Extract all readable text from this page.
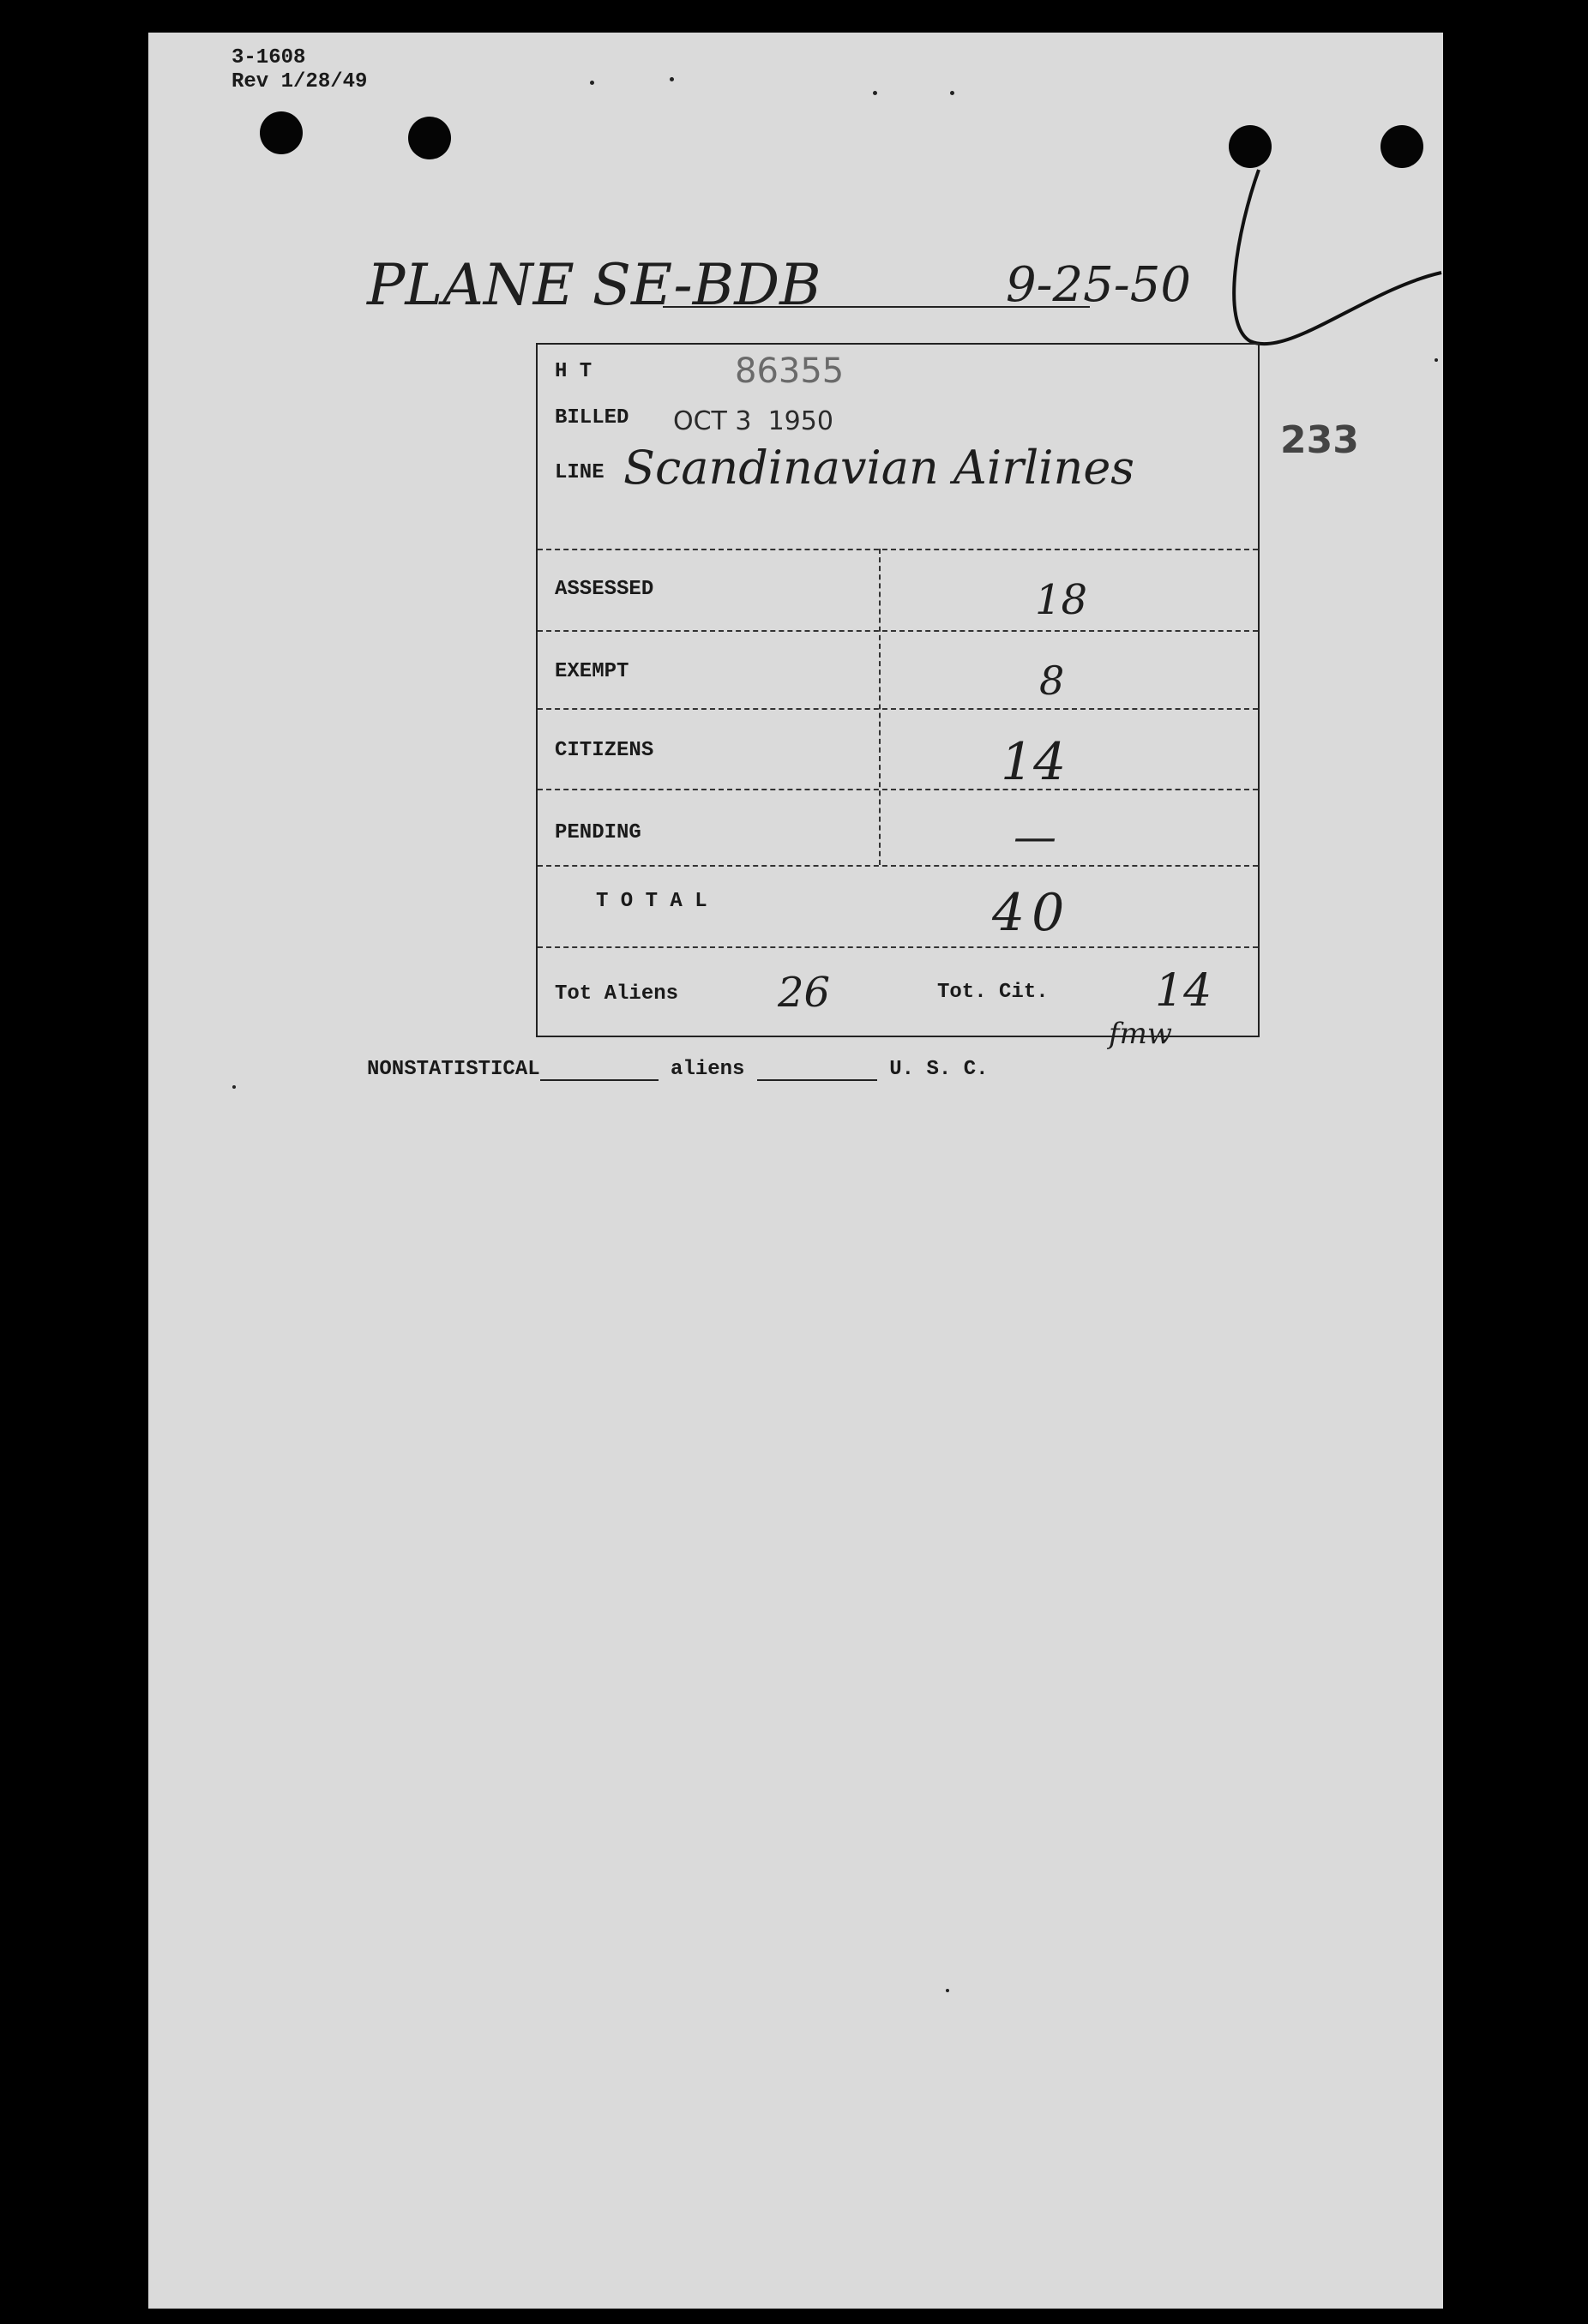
3-1608
Rev 1/28/49
PLANE SE-BDB	9-25-50
233
H T	86355
BILLED OCT 3  1950
LINE Scandinavian Airlines
ASSESSED	18
EXEMPT	8
CITIZENS	14
PENDING	—
T O T A L	40
Tot Aliens 26	Tot. Cit. 14
fmw
NONSTATISTICAL	aliens	U. S. C.
